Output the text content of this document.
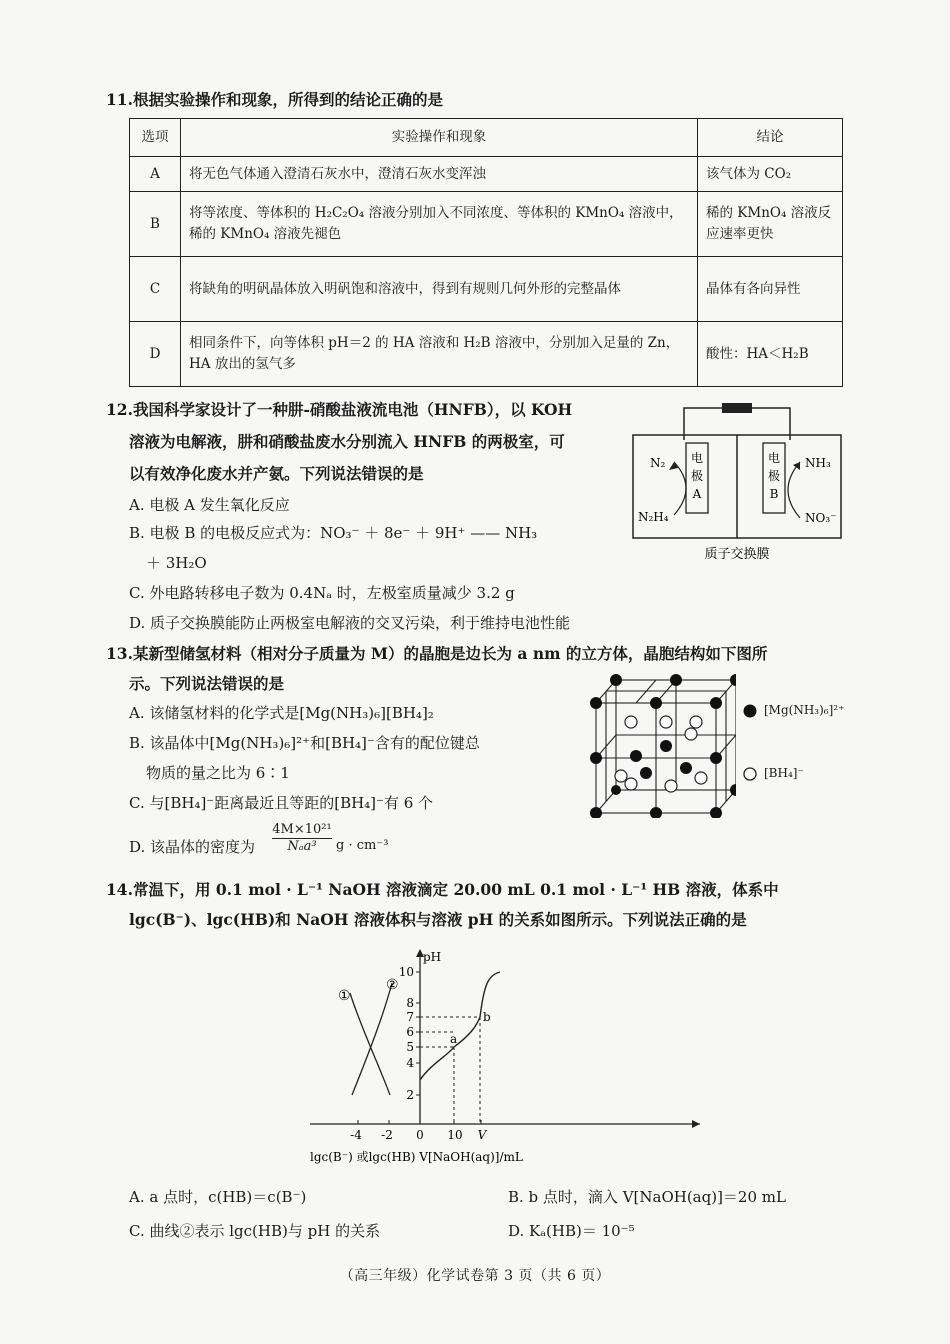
11.根据实验操作和现象，所得到的结论正确的是
选项	实验操作和现象	结论
A	将无色气体通入澄清石灰水中，澄清石灰水变浑浊	该气体为 CO₂
B	将等浓度、等体积的 H₂C₂O₄ 溶液分别加入不同浓度、等体积的 KMnO₄ 溶液中，稀的 KMnO₄ 溶液先褪色	稀的 KMnO₄ 溶液反应速率更快
C	将缺角的明矾晶体放入明矾饱和溶液中，得到有规则几何外形的完整晶体	晶体有各向异性
D	相同条件下，向等体积 pH＝2 的 HA 溶液和 H₂B 溶液中，分别加入足量的 Zn，HA 放出的氢气多	酸性：HA＜H₂B
12.我国科学家设计了一种肼-硝酸盐液流电池（HNFB），以 KOH
溶液为电解液，肼和硝酸盐废水分别流入 HNFB 的两极室，可
以有效净化废水并产氨。下列说法错误的是
A. 电极 A 发生氧化反应
B. 电极 B 的电极反应式为：NO₃⁻ ＋ 8e⁻ ＋ 9H⁺ —— NH₃
＋ 3H₂O
C. 外电路转移电子数为 0.4Nₐ 时，左极室质量减少 3.2 g
D. 质子交换膜能防止两极室电解液的交叉污染，利于维持电池性能
电
极
A
电
极
B
N₂
N₂H₄
NH₃
NO₃⁻
质子交换膜
13.某新型储氢材料（相对分子质量为 M）的晶胞是边长为 a nm 的立方体，晶胞结构如下图所
示。下列说法错误的是
A. 该储氢材料的化学式是[Mg(NH₃)₆][BH₄]₂
B. 该晶体中[Mg(NH₃)₆]²⁺和[BH₄]⁻含有的配位键总
物质的量之比为 6∶1
C. 与[BH₄]⁻距离最近且等距的[BH₄]⁻有 6 个
D. 该晶体的密度为
4M×10²¹
Nₐa³	g · cm⁻³
[Mg(NH₃)₆]²⁺
[BH₄]⁻
14.常温下，用 0.1 mol · L⁻¹ NaOH 溶液滴定 20.00 mL 0.1 mol · L⁻¹ HB 溶液，体系中
lgc(B⁻)、lgc(HB)和 NaOH 溶液体积与溶液 pH 的关系如图所示。下列说法正确的是
pH
2
4
5
6
7
8
10
-4 -2 0 10 V
lgc(B⁻) 或lgc(HB) V[NaOH(aq)]/mL
①
②
a
b
A. a 点时，c(HB)＝c(B⁻)	B. b 点时，滴入 V[NaOH(aq)]＝20 mL
C. 曲线②表示 lgc(HB)与 pH 的关系	D. Kₐ(HB)＝ 10⁻⁵
（高三年级）化学试卷第 3 页（共 6 页）
